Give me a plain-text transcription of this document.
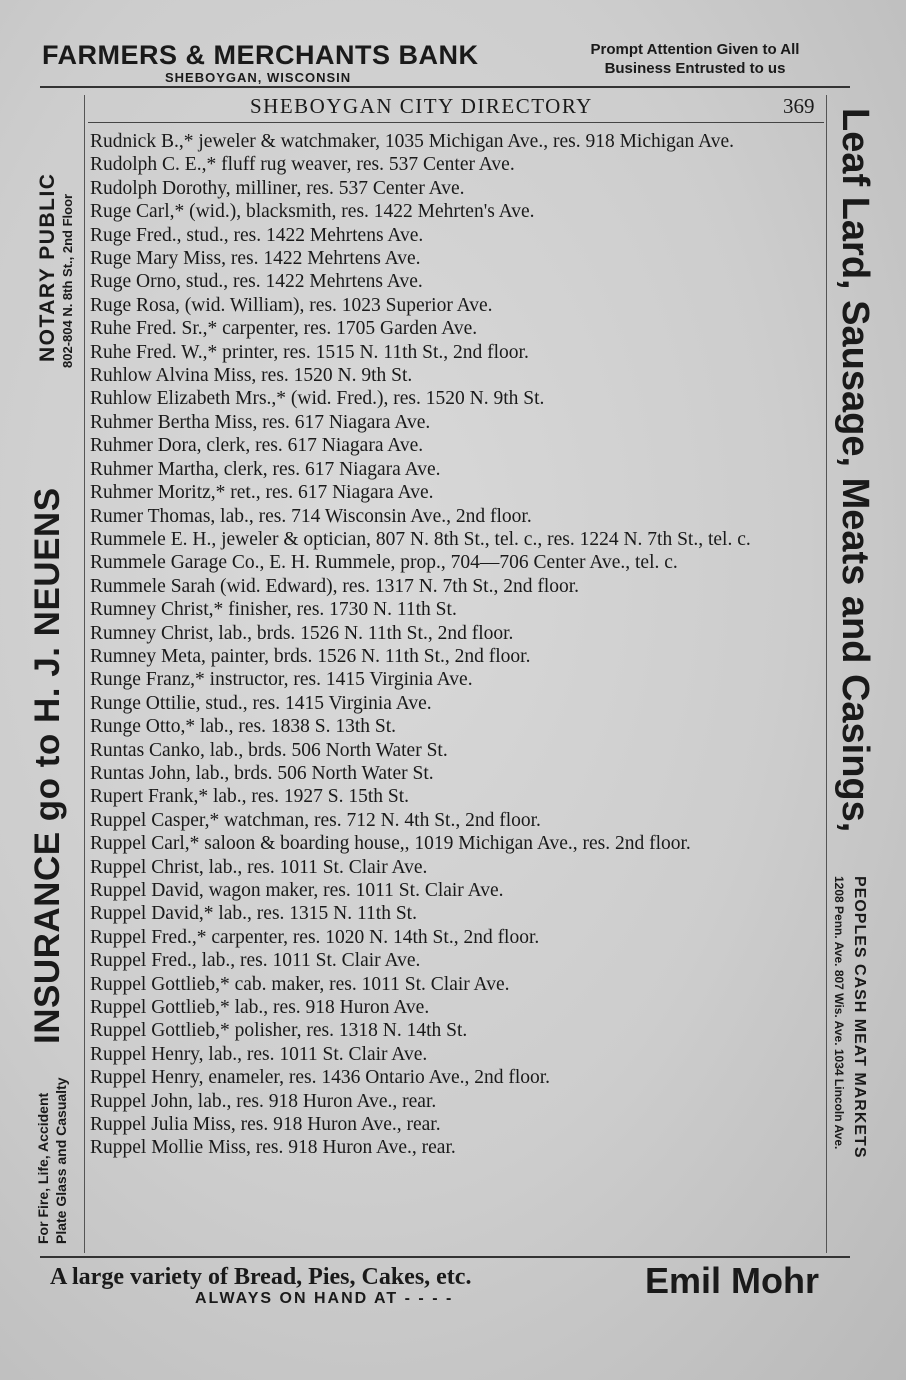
FARMERS & MERCHANTS BANK
SHEBOYGAN, WISCONSIN
Prompt Attention Given to All
Business Entrusted to us
SHEBOYGAN CITY DIRECTORY	369
Rudnick B.,* jeweler & watchmaker, 1035 Michigan Ave., res. 918 Michigan Ave.
Rudolph C. E.,* fluff rug weaver, res. 537 Center Ave.
Rudolph Dorothy, milliner, res. 537 Center Ave.
Ruge Carl,* (wid.), blacksmith, res. 1422 Mehrten's Ave.
Ruge Fred., stud., res. 1422 Mehrtens Ave.
Ruge Mary Miss, res. 1422 Mehrtens Ave.
Ruge Orno, stud., res. 1422 Mehrtens Ave.
Ruge Rosa, (wid. William), res. 1023 Superior Ave.
Ruhe Fred. Sr.,* carpenter, res. 1705 Garden Ave.
Ruhe Fred. W.,* printer, res. 1515 N. 11th St., 2nd floor.
Ruhlow Alvina Miss, res. 1520 N. 9th St.
Ruhlow Elizabeth Mrs.,* (wid. Fred.), res. 1520 N. 9th St.
Ruhmer Bertha Miss, res. 617 Niagara Ave.
Ruhmer Dora, clerk, res. 617 Niagara Ave.
Ruhmer Martha, clerk, res. 617 Niagara Ave.
Ruhmer Moritz,* ret., res. 617 Niagara Ave.
Rumer Thomas, lab., res. 714 Wisconsin Ave., 2nd floor.
Rummele E. H., jeweler & optician, 807 N. 8th St., tel. c., res. 1224 N. 7th St., tel. c.
Rummele Garage Co., E. H. Rummele, prop., 704—706 Center Ave., tel. c.
Rummele Sarah (wid. Edward), res. 1317 N. 7th St., 2nd floor.
Rumney Christ,* finisher, res. 1730 N. 11th St.
Rumney Christ, lab., brds. 1526 N. 11th St., 2nd floor.
Rumney Meta, painter, brds. 1526 N. 11th St., 2nd floor.
Runge Franz,* instructor, res. 1415 Virginia Ave.
Runge Ottilie, stud., res. 1415 Virginia Ave.
Runge Otto,* lab., res. 1838 S. 13th St.
Runtas Canko, lab., brds. 506 North Water St.
Runtas John, lab., brds. 506 North Water St.
Rupert Frank,* lab., res. 1927 S. 15th St.
Ruppel Casper,* watchman, res. 712 N. 4th St., 2nd floor.
Ruppel Carl,* saloon & boarding house,, 1019 Michigan Ave., res. 2nd floor.
Ruppel Christ, lab., res. 1011 St. Clair Ave.
Ruppel David, wagon maker, res. 1011 St. Clair Ave.
Ruppel David,* lab., res. 1315 N. 11th St.
Ruppel Fred.,* carpenter, res. 1020 N. 14th St., 2nd floor.
Ruppel Fred., lab., res. 1011 St. Clair Ave.
Ruppel Gottlieb,* cab. maker, res. 1011 St. Clair Ave.
Ruppel Gottlieb,* lab., res. 918 Huron Ave.
Ruppel Gottlieb,* polisher, res. 1318 N. 14th St.
Ruppel Henry, lab., res. 1011 St. Clair Ave.
Ruppel Henry, enameler, res. 1436 Ontario Ave., 2nd floor.
Ruppel John, lab., res. 918 Huron Ave., rear.
Ruppel Julia Miss, res. 918 Huron Ave., rear.
Ruppel Mollie Miss, res. 918 Huron Ave., rear.
INSURANCE go to H. J. NEUENS
NOTARY PUBLIC 802-804 N. 8th St., 2nd Floor
For Fire, Life, Accident Plate Glass and Casualty
Leaf Lard, Sausage, Meats and Casings,
PEOPLES CASH MEAT MARKETS
1208 Penn. Ave. 807 Wis. Ave. 1034 Lincoln Ave.
A large variety of Bread, Pies, Cakes, etc.
ALWAYS ON HAND AT - - - -	Emil Mohr
